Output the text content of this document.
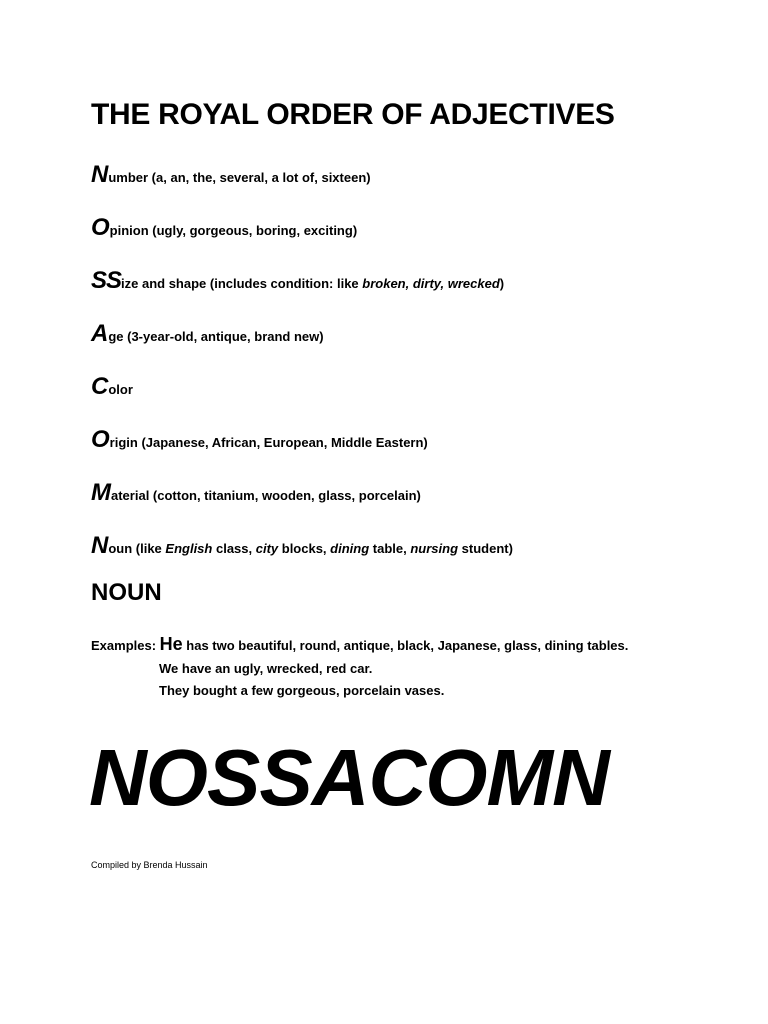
THE ROYAL ORDER OF ADJECTIVES
Number (a, an, the, several, a lot of, sixteen)
Opinion (ugly, gorgeous, boring, exciting)
SSize and shape (includes condition: like broken, dirty, wrecked)
Age (3-year-old, antique, brand new)
Color
Origin (Japanese, African, European, Middle Eastern)
Material (cotton, titanium, wooden, glass, porcelain)
Noun (like English class, city blocks, dining table, nursing student)
NOUN
Examples: He has two beautiful, round, antique, black, Japanese, glass, dining tables.
We have an ugly, wrecked, red car.
They bought a few gorgeous, porcelain vases.
NOSSACOMN
Compiled by Brenda Hussain
